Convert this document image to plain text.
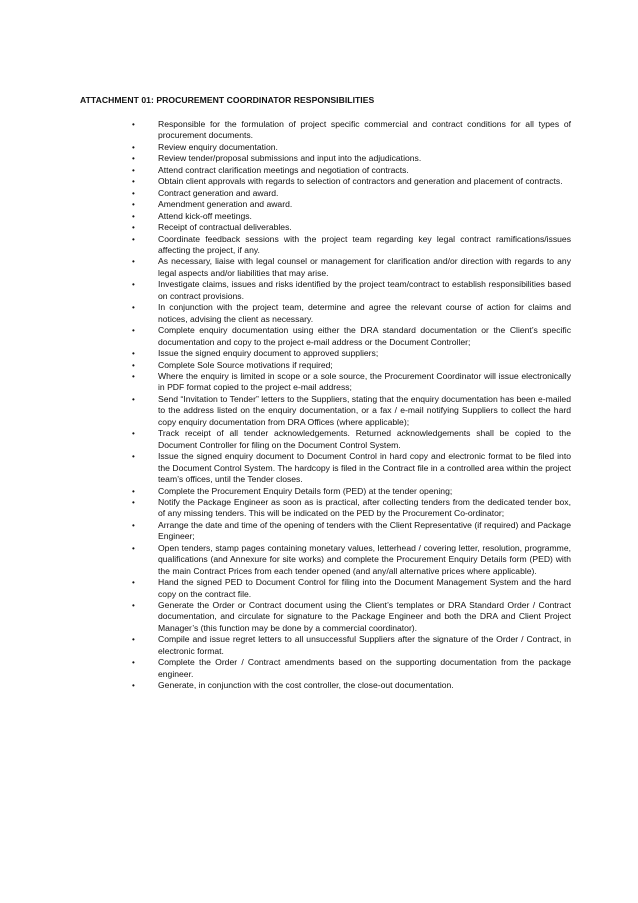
ATTACHMENT 01: PROCUREMENT COORDINATOR RESPONSIBILITIES

•	Responsible for the formulation of project specific commercial and contract conditions for all types of procurement documents.
•	Review enquiry documentation.
•	Review tender/proposal submissions and input into the adjudications.
•	Attend contract clarification meetings and negotiation of contracts.
•	Obtain client approvals with regards to selection of contractors and generation and placement of contracts.
•	Contract generation and award.
•	Amendment generation and award.
•	Attend kick-off meetings.
•	Receipt of contractual deliverables.
•	Coordinate feedback sessions with the project team regarding key legal contract ramifications/issues affecting the project, if any.
•	As necessary, liaise with legal counsel or management for clarification and/or direction with regards to any legal aspects and/or liabilities that may arise.
•	Investigate claims, issues and risks identified by the project team/contract to establish responsibilities based on contract provisions.
•	In conjunction with the project team, determine and agree the relevant course of action for claims and notices, advising the client as necessary.
•	Complete enquiry documentation using either the DRA standard documentation or the Client’s specific documentation and copy to the project e-mail address or the Document Controller;
•	Issue the signed enquiry document to approved suppliers;
•	Complete Sole Source motivations if required;
•	Where the enquiry is limited in scope or a sole source, the Procurement Coordinator will issue electronically in PDF format copied to the project e-mail address;
•	Send “Invitation to Tender” letters to the Suppliers, stating that the enquiry documentation has been e-mailed to the address listed on the enquiry documentation, or a fax / e-mail notifying Suppliers to collect the hard copy enquiry documentation from DRA Offices (where applicable);
•	Track receipt of all tender acknowledgements. Returned acknowledgements shall be copied to the Document Controller for filing on the Document Control System.
•	Issue the signed enquiry document to Document Control in hard copy and electronic format to be filed into the Document Control System. The hardcopy is filed in the Contract file in a controlled area within the project team’s offices, until the Tender closes.
•	Complete the Procurement Enquiry Details form (PED) at the tender opening;
•	Notify the Package Engineer as soon as is practical, after collecting tenders from the dedicated tender box, of any missing tenders. This will be indicated on the PED by the Procurement Co-ordinator;
•	Arrange the date and time of the opening of tenders with the Client Representative (if required) and Package Engineer;
•	Open tenders, stamp pages containing monetary values, letterhead / covering letter, resolution, programme, qualifications (and Annexure for site works) and complete the Procurement Enquiry Details form (PED) with the main Contract Prices from each tender opened (and any/all alternative prices where applicable).
•	Hand the signed PED to Document Control for filing into the Document Management System and the hard copy on the contract file.
•	Generate the Order or Contract document using the Client’s templates or DRA Standard Order / Contract documentation, and circulate for signature to the Package Engineer and both the DRA and Client Project Manager’s (this function may be done by a commercial coordinator).
•	Compile and issue regret letters to all unsuccessful Suppliers after the signature of the Order / Contract, in electronic format.
•	Complete the Order / Contract amendments based on the supporting documentation from the package engineer.
•	Generate, in conjunction with the cost controller, the close-out documentation.
